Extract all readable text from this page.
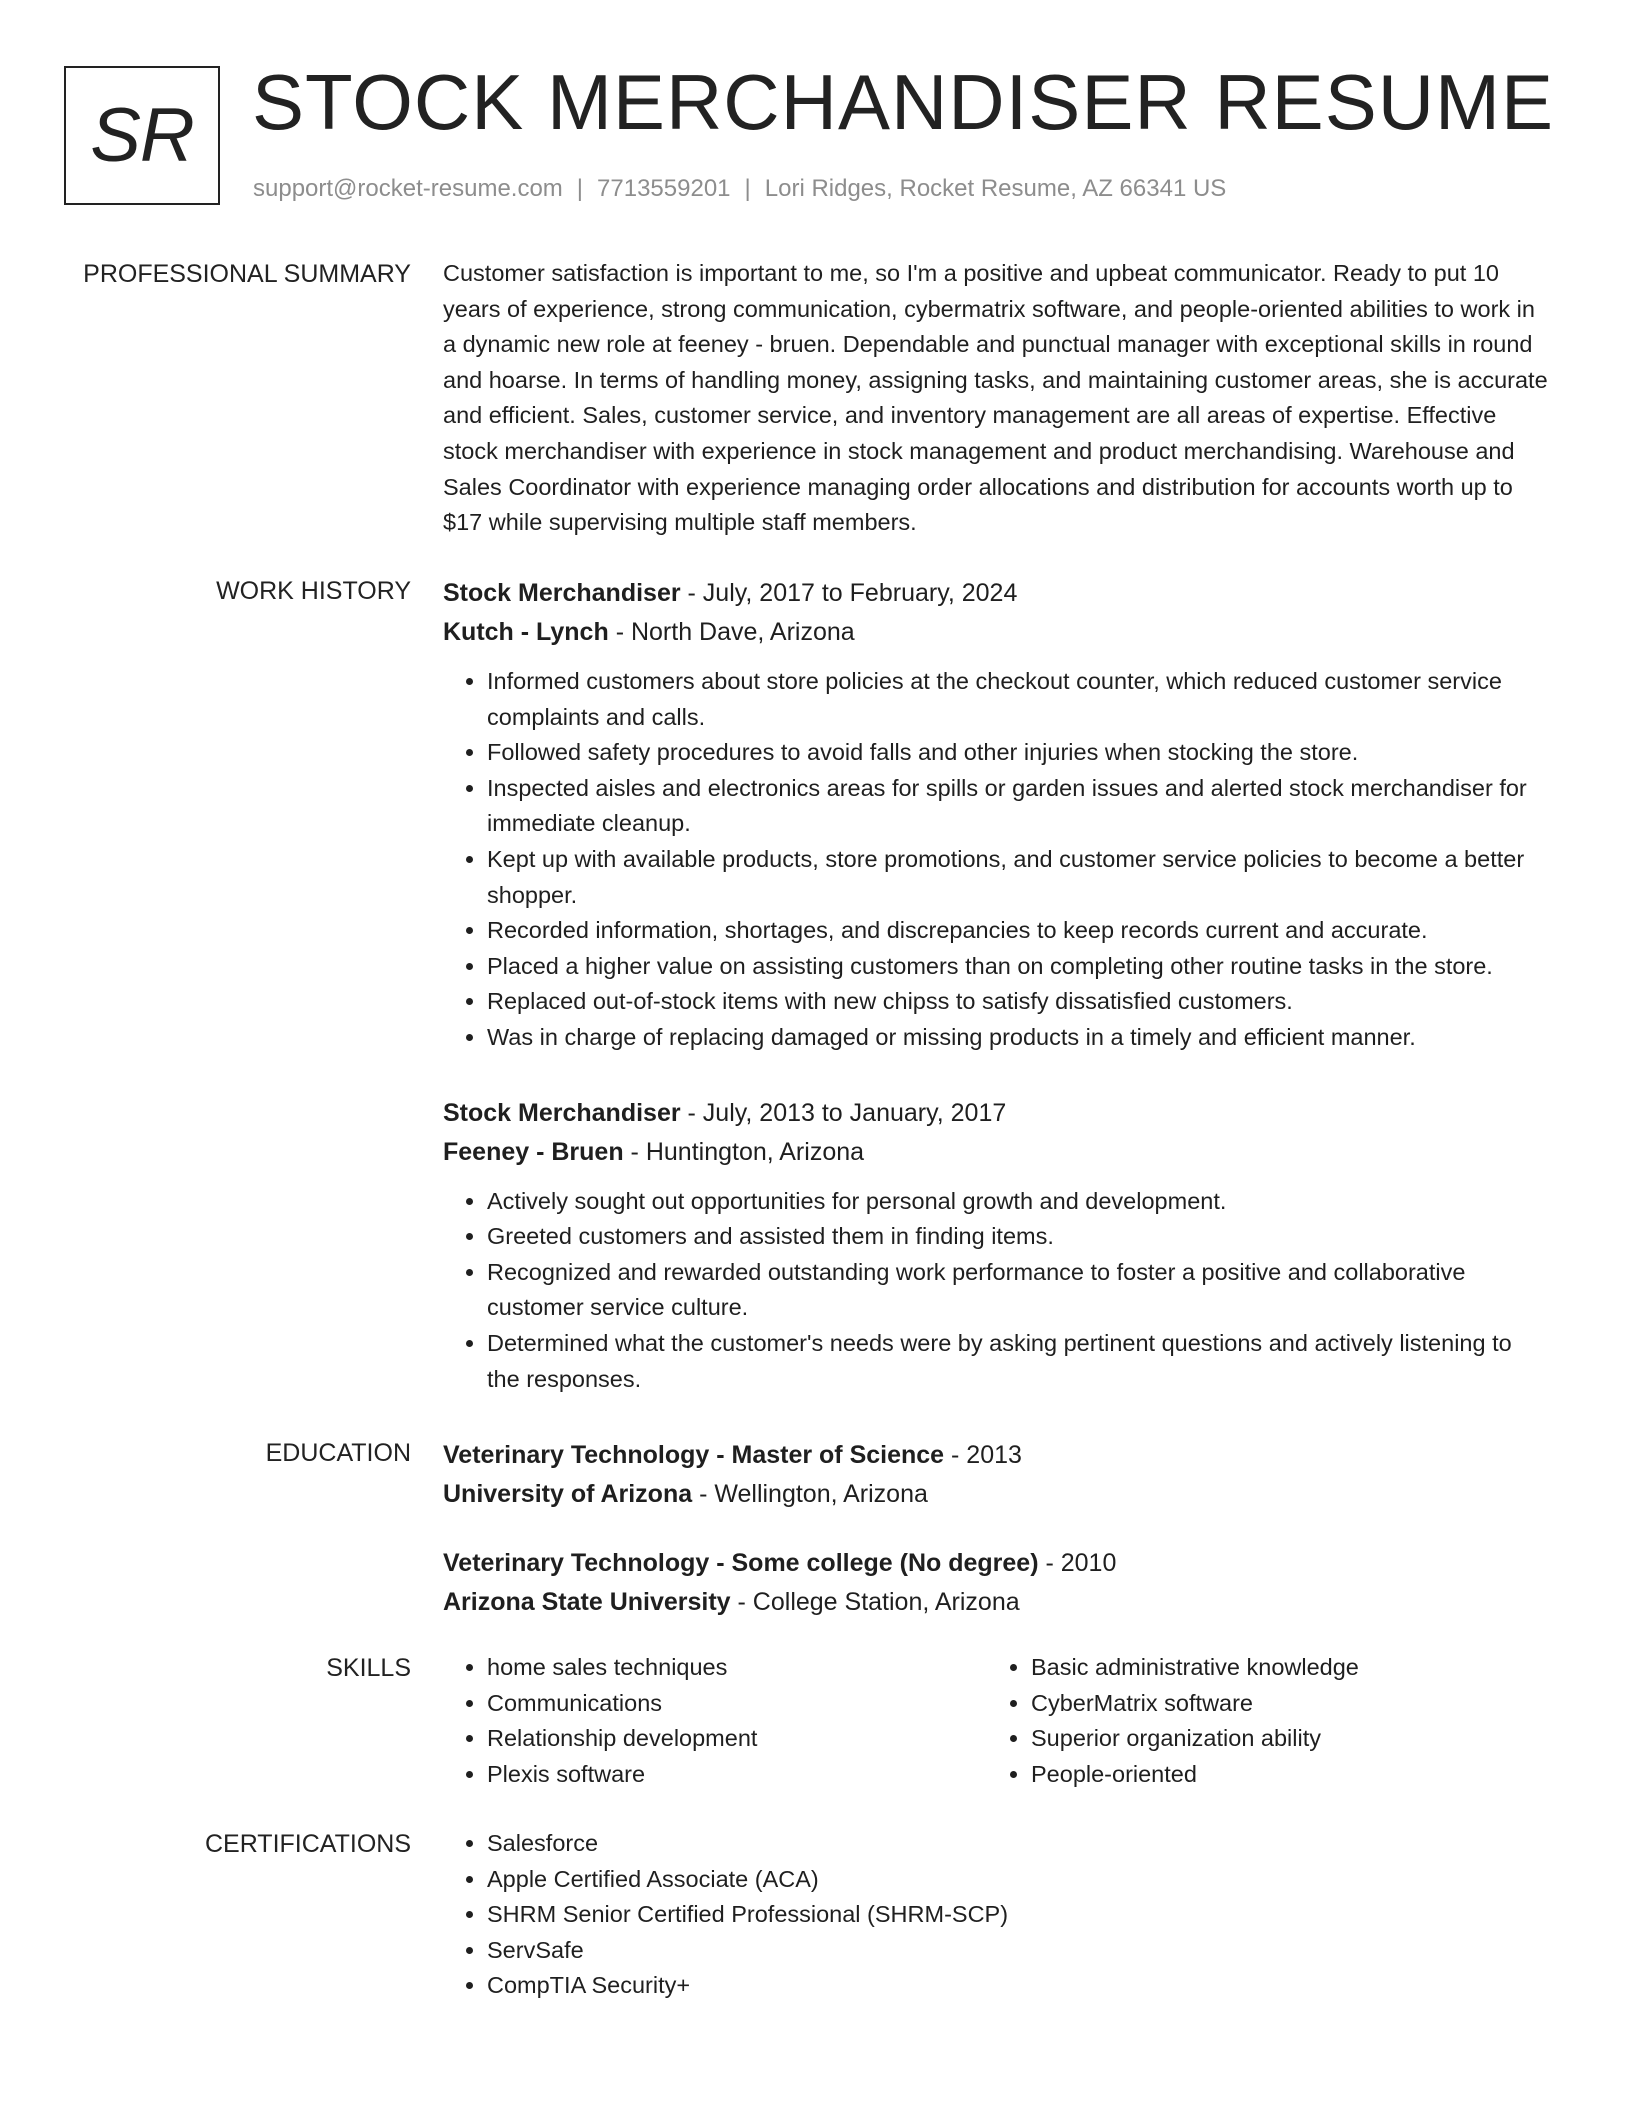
SR STOCK MERCHANDISER RESUME
support@rocket-resume.com | 7713559201 | Lori Ridges, Rocket Resume, AZ 66341 US
PROFESSIONAL SUMMARY Customer satisfaction is important to me, so I'm a positive and upbeat communicator. Ready to put 10 years of experience, strong communication, cybermatrix software, and people-oriented abilities to work in a dynamic new role at feeney - bruen. Dependable and punctual manager with exceptional skills in round and hoarse. In terms of handling money, assigning tasks, and maintaining customer areas, she is accurate and efficient. Sales, customer service, and inventory management are all areas of expertise. Effective stock merchandiser with experience in stock management and product merchandising. Warehouse and Sales Coordinator with experience managing order allocations and distribution for accounts worth up to $17 while supervising multiple staff members.

WORK HISTORY Stock Merchandiser - July, 2017 to February, 2024
Kutch - Lynch - North Dave, Arizona
• Informed customers about store policies at the checkout counter, which reduced customer service complaints and calls.
• Followed safety procedures to avoid falls and other injuries when stocking the store.
• Inspected aisles and electronics areas for spills or garden issues and alerted stock merchandiser for immediate cleanup.
• Kept up with available products, store promotions, and customer service policies to become a better shopper.
• Recorded information, shortages, and discrepancies to keep records current and accurate.
• Placed a higher value on assisting customers than on completing other routine tasks in the store.
• Replaced out-of-stock items with new chipss to satisfy dissatisfied customers.
• Was in charge of replacing damaged or missing products in a timely and efficient manner.
Stock Merchandiser - July, 2013 to January, 2017
Feeney - Bruen - Huntington, Arizona
• Actively sought out opportunities for personal growth and development.
• Greeted customers and assisted them in finding items.
• Recognized and rewarded outstanding work performance to foster a positive and collaborative customer service culture.
• Determined what the customer's needs were by asking pertinent questions and actively listening to the responses.
EDUCATION Veterinary Technology - Master of Science - 2013
University of Arizona - Wellington, Arizona
Veterinary Technology - Some college (No degree) - 2010
Arizona State University - College Station, Arizona
SKILLS	• home sales techniques
• Communications
• Relationship development
• Plexis software
• Basic administrative knowledge
• CyberMatrix software
• Superior organization ability
• People-oriented
CERTIFICATIONS	• Salesforce
• Apple Certified Associate (ACA)
• SHRM Senior Certified Professional (SHRM-SCP)
• ServSafe
• CompTIA Security+
